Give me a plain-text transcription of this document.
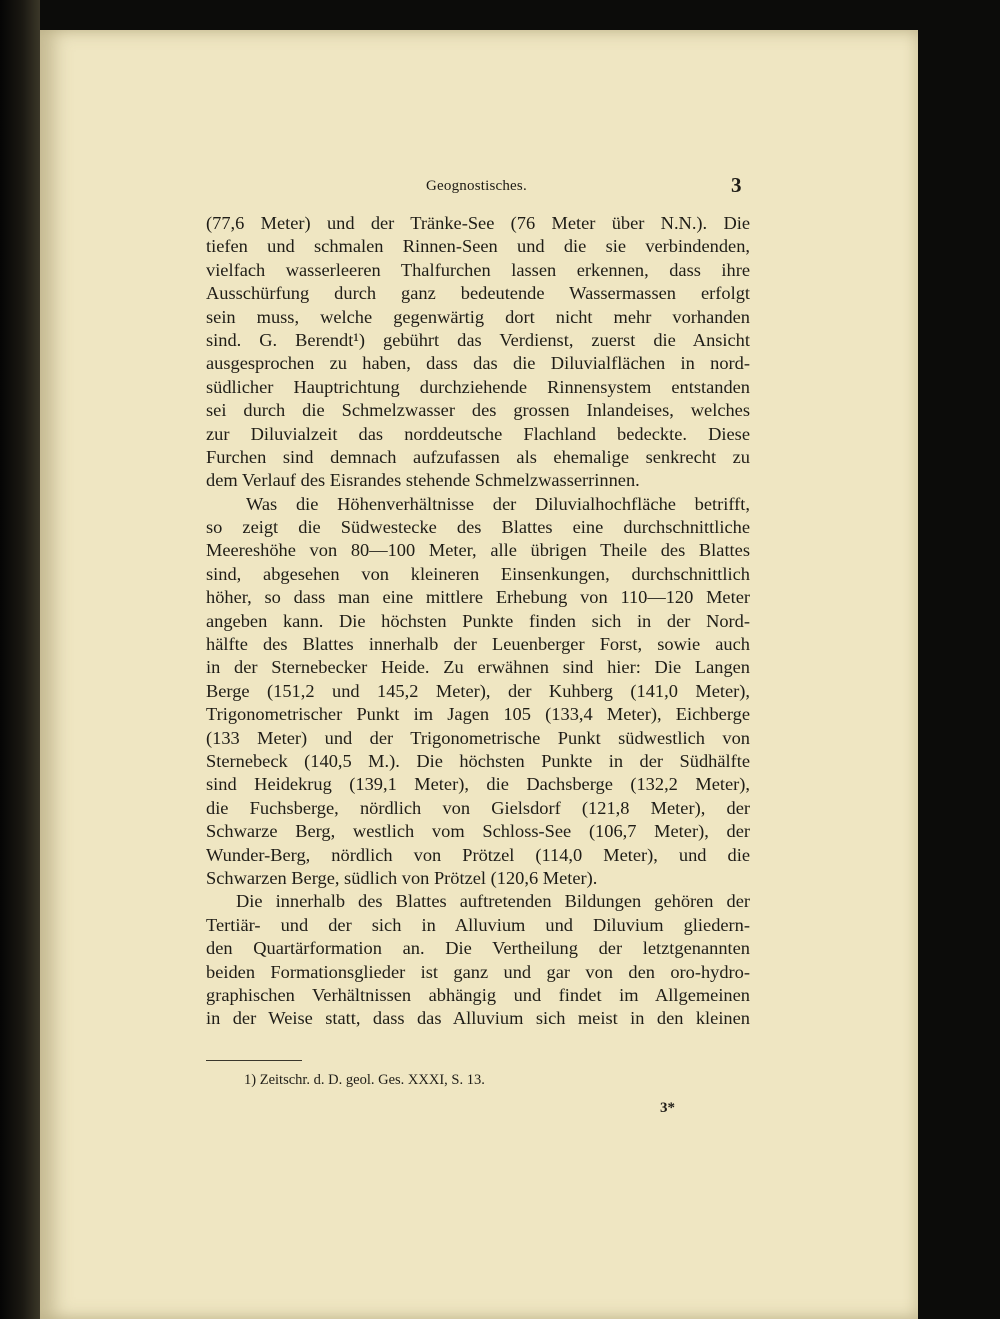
Geognostisches.	3
(77,6 Meter) und der Tränke-See (76 Meter über N.N.). Die
tiefen und schmalen Rinnen-Seen und die sie verbindenden,
vielfach wasserleeren Thalfurchen lassen erkennen, dass ihre
Ausschürfung durch ganz bedeutende Wassermassen erfolgt
sein muss, welche gegenwärtig dort nicht mehr vorhanden
sind. G. Berendt¹) gebührt das Verdienst, zuerst die Ansicht
ausgesprochen zu haben, dass das die Diluvialflächen in nord-
südlicher Hauptrichtung durchziehende Rinnensystem entstanden
sei durch die Schmelzwasser des grossen Inlandeises, welches
zur Diluvialzeit das norddeutsche Flachland bedeckte. Diese
Furchen sind demnach aufzufassen als ehemalige senkrecht zu
dem Verlauf des Eisrandes stehende Schmelzwasserrinnen.
Was die Höhenverhältnisse der Diluvialhochfläche betrifft,
so zeigt die Südwestecke des Blattes eine durchschnittliche
Meereshöhe von 80—100 Meter, alle übrigen Theile des Blattes
sind, abgesehen von kleineren Einsenkungen, durchschnittlich
höher, so dass man eine mittlere Erhebung von 110—120 Meter
angeben kann. Die höchsten Punkte finden sich in der Nord-
hälfte des Blattes innerhalb der Leuenberger Forst, sowie auch
in der Sternebecker Heide. Zu erwähnen sind hier: Die Langen
Berge (151,2 und 145,2 Meter), der Kuhberg (141,0 Meter),
Trigonometrischer Punkt im Jagen 105 (133,4 Meter), Eichberge
(133 Meter) und der Trigonometrische Punkt südwestlich von
Sternebeck (140,5 M.). Die höchsten Punkte in der Südhälfte
sind Heidekrug (139,1 Meter), die Dachsberge (132,2 Meter),
die Fuchsberge, nördlich von Gielsdorf (121,8 Meter), der
Schwarze Berg, westlich vom Schloss-See (106,7 Meter), der
Wunder-Berg, nördlich von Prötzel (114,0 Meter), und die
Schwarzen Berge, südlich von Prötzel (120,6 Meter).
Die innerhalb des Blattes auftretenden Bildungen gehören der
Tertiär- und der sich in Alluvium und Diluvium gliedern-
den Quartärformation an. Die Vertheilung der letztgenannten
beiden Formationsglieder ist ganz und gar von den oro-hydro-
graphischen Verhältnissen abhängig und findet im Allgemeinen
in der Weise statt, dass das Alluvium sich meist in den kleinen
1) Zeitschr. d. D. geol. Ges. XXXI, S. 13.
3*
